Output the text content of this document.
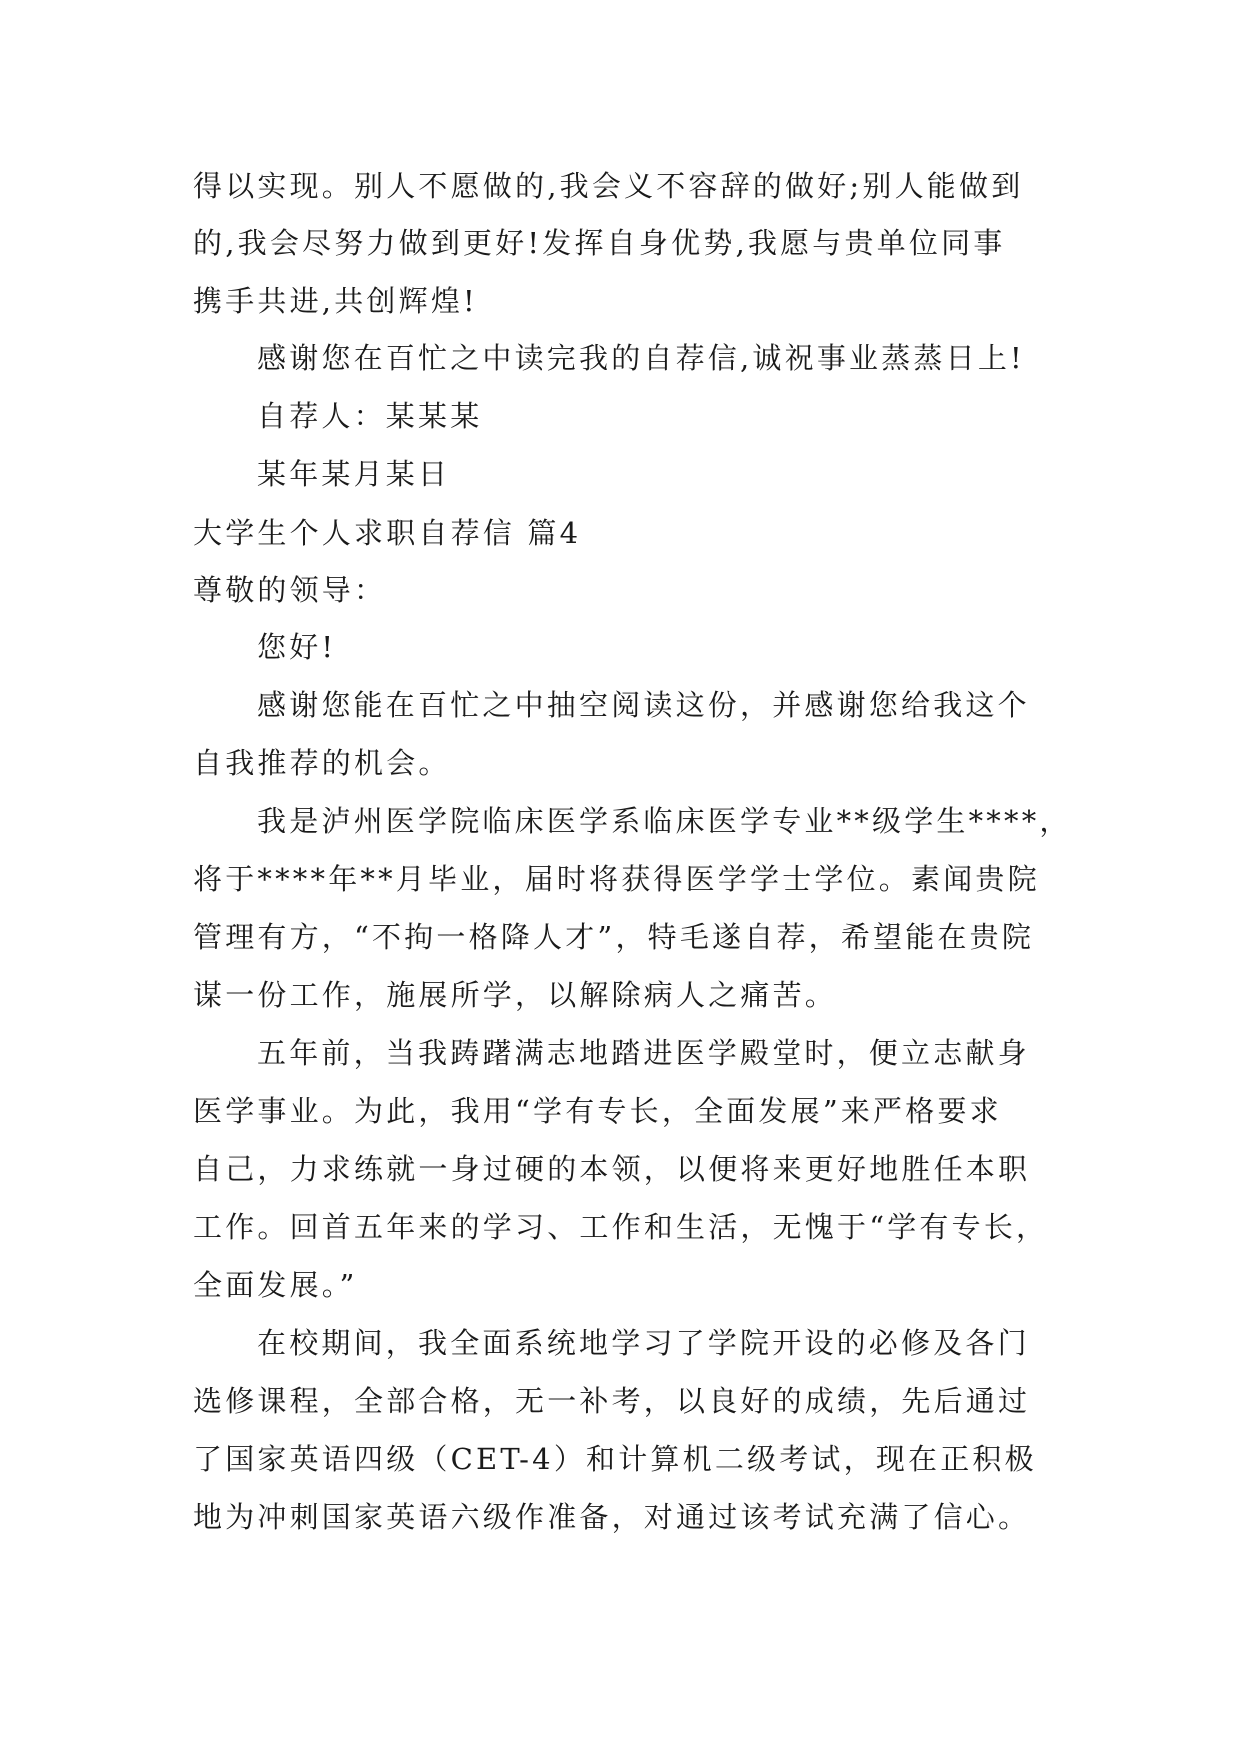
得以实现。别人不愿做的,我会义不容辞的做好;别人能做到
的,我会尽努力做到更好!发挥自身优势,我愿与贵单位同事
携手共进,共创辉煌!
感谢您在百忙之中读完我的自荐信,诚祝事业蒸蒸日上!
自荐人：某某某
某年某月某日
大学生个人求职自荐信 篇4
尊敬的领导：
您好!
感谢您能在百忙之中抽空阅读这份，并感谢您给我这个
自我推荐的机会。
我是泸州医学院临床医学系临床医学专业**级学生****，
将于****年**月毕业，届时将获得医学学士学位。素闻贵院
管理有方，“不拘一格降人才”，特毛遂自荐，希望能在贵院
谋一份工作，施展所学，以解除病人之痛苦。
五年前，当我踌躇满志地踏进医学殿堂时，便立志献身
医学事业。为此，我用“学有专长，全面发展”来严格要求
自己，力求练就一身过硬的本领，以便将来更好地胜任本职
工作。回首五年来的学习、工作和生活，无愧于“学有专长，
全面发展。”
在校期间，我全面系统地学习了学院开设的必修及各门
选修课程，全部合格，无一补考，以良好的成绩，先后通过
了国家英语四级（CET-4）和计算机二级考试，现在正积极
地为冲刺国家英语六级作准备，对通过该考试充满了信心。
